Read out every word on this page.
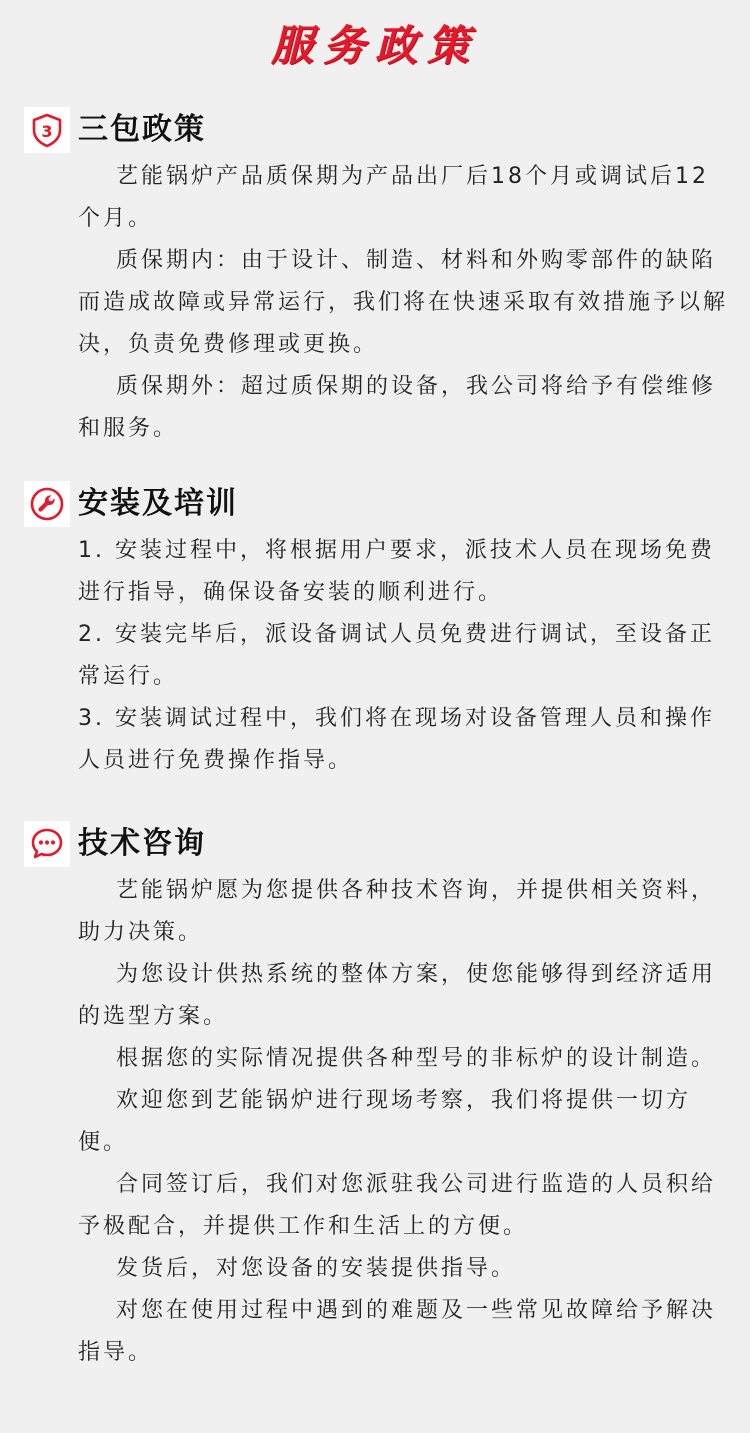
服务政策
3 三包政策

艺能锅炉产品质保期为产品出厂后18个月或调试后12个月。

质保期内：由于设计、制造、材料和外购零部件的缺陷而造成故障或异常运行，我们将在快速采取有效措施予以解决，负责免费修理或更换。

质保期外：超过质保期的设备，我公司将给予有偿维修和服务。

安装及培训

1. 安装过程中，将根据用户要求，派技术人员在现场免费进行指导，确保设备安装的顺利进行。

2. 安装完毕后，派设备调试人员免费进行调试，至设备正常运行。

3. 安装调试过程中，我们将在现场对设备管理人员和操作人员进行免费操作指导。

技术咨询

艺能锅炉愿为您提供各种技术咨询，并提供相关资料，助力决策。

为您设计供热系统的整体方案，使您能够得到经济适用的选型方案。

根据您的实际情况提供各种型号的非标炉的设计制造。

欢迎您到艺能锅炉进行现场考察，我们将提供一切方便。

合同签订后，我们对您派驻我公司进行监造的人员积给予极配合，并提供工作和生活上的方便。

发货后，对您设备的安装提供指导。

对您在使用过程中遇到的难题及一些常见故障给予解决指导。
